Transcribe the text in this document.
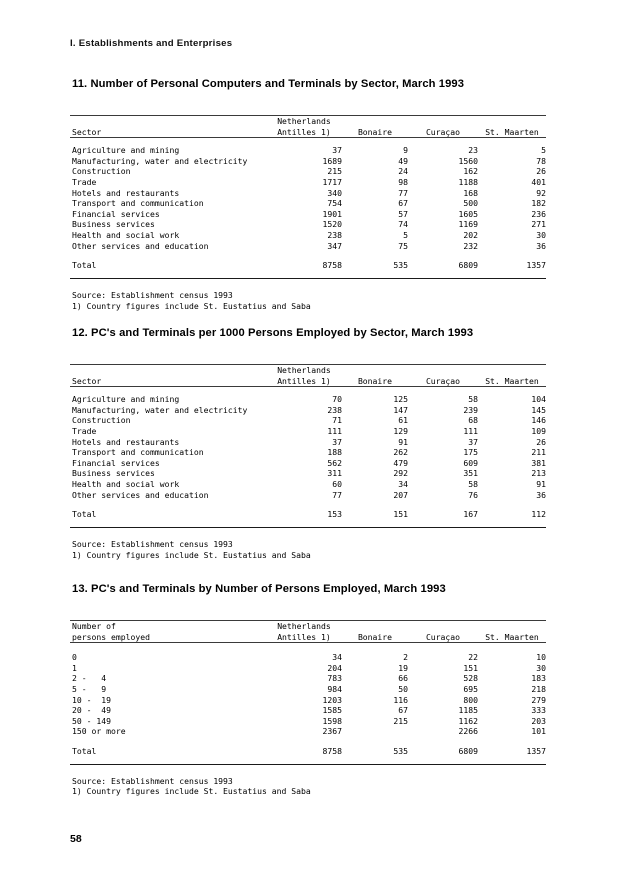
I. Establishments and Enterprises
11. Number of Personal Computers and Terminals by Sector, March 1993
Sector

Netherlands
Antilles 1)	Bonaire	Curaçao	St. Maarten

Agriculture and mining	37	9	23	5
Manufacturing, water and electricity	1689	49	1560	78
Construction	215	24	162	26
Trade	1717	98	1188	401
Hotels and restaurants	340	77	168	92
Transport and communication	754	67	500	182
Financial services	1901	57	1605	236
Business services	1520	74	1169	271
Health and social work	238	5	202	30
Other services and education	347	75	232	36

Total	8758	535	6809	1357

Source: Establishment census 1993
1) Country figures include St. Eustatius and Saba
12. PC's and Terminals per 1000 Persons Employed by Sector, March 1993
Sector

Netherlands
Antilles 1)	Bonaire	Curaçao	St. Maarten

Agriculture and mining	70	125	58	104
Manufacturing, water and electricity	238	147	239	145
Construction	71	61	68	146
Trade	111	129	111	109
Hotels and restaurants	37	91	37	26
Transport and communication	188	262	175	211
Financial services	562	479	609	381
Business services	311	292	351	213
Health and social work	60	34	58	91
Other services and education	77	207	76	36

Total	153	151	167	112

Source: Establishment census 1993
1) Country figures include St. Eustatius and Saba
13. PC's and Terminals by Number of Persons Employed, March 1993
Number of
persons employed

Netherlands
Antilles 1)	Bonaire	Curaçao	St. Maarten

0	34	2	22	10
1	204	19	151	30
2 -   4	783	66	528	183
5 -   9	984	50	695	218
10 -  19	1203	116	800	279
20 -  49	1585	67	1185	333
50 - 149	1598	215	1162	203
150 or more	2367		2266	101

Total	8758	535	6809	1357

Source: Establishment census 1993
1) Country figures include St. Eustatius and Saba
58
